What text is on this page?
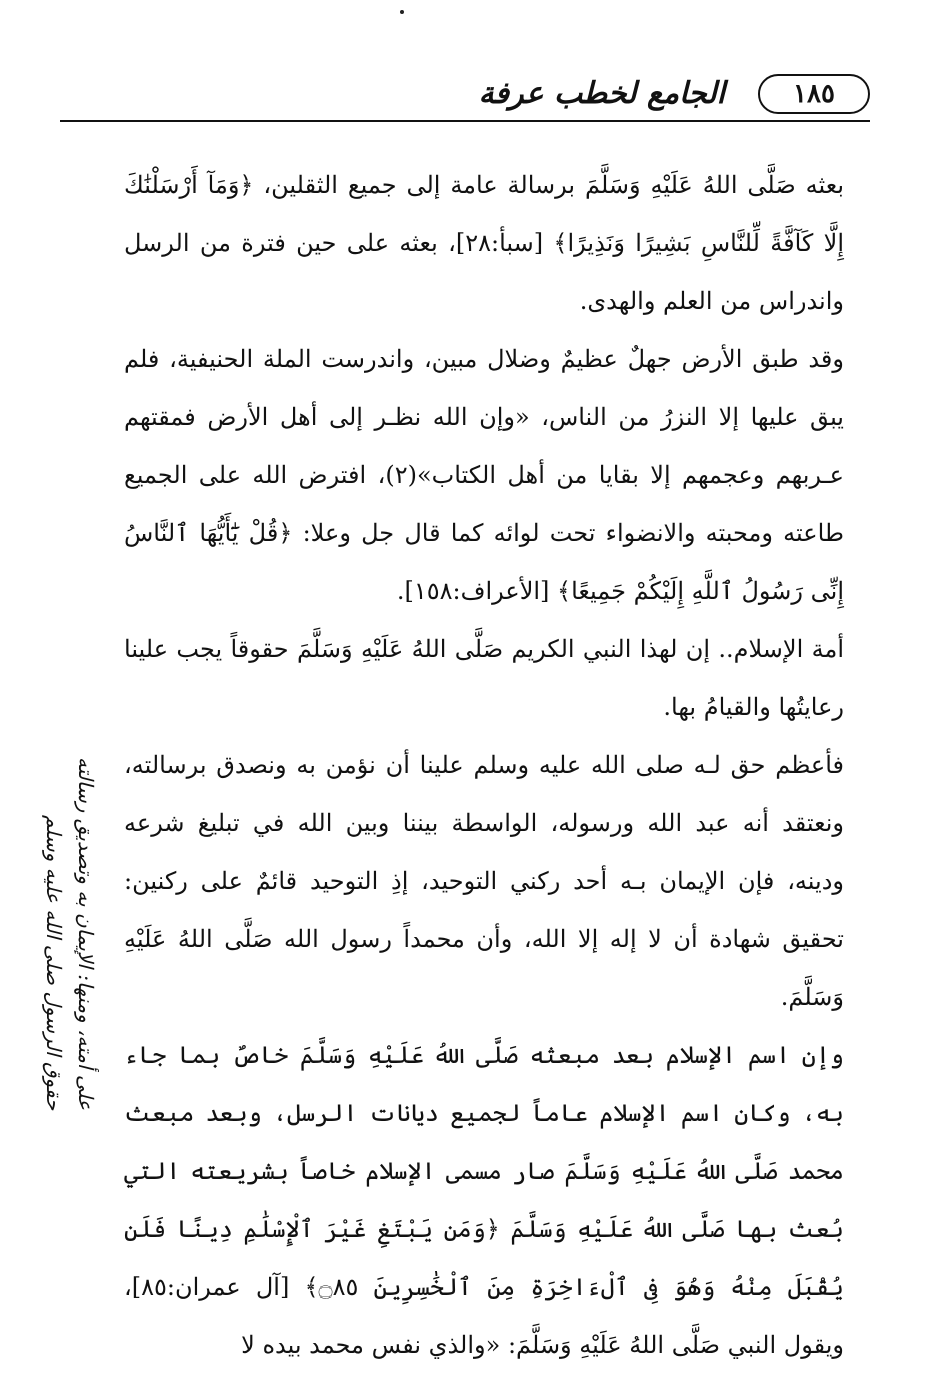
الجامع لخطب عرفة	١٨٥

بعثه صَلَّى اللهُ عَلَيْهِ وَسَلَّمَ برسالة عامة إلى جميع الثقلين، ﴿وَمَآ أَرْسَلْنَٰكَ إِلَّا كَآفَّةً لِّلنَّاسِ بَشِيرًا وَنَذِيرًا﴾ [سبأ:٢٨]، بعثه على حين فترة من الرسل واندراس من العلم والهدى.

وقد طبق الأرض جهلٌ عظيمٌ وضلال مبين، واندرست الملة الحنيفية، فلم يبق عليها إلا النزرُ من الناس، «وإن الله نظـر إلى أهل الأرض فمقتهم عـربهم وعجمهم إلا بقايا من أهل الكتاب»(٢)، افترض الله على الجميع طاعته ومحبته والانضواء تحت لوائه كما قال جل وعلا: ﴿قُلْ يَٰٓأَيُّهَا ٱلنَّاسُ إِنِّى رَسُولُ ٱللَّهِ إِلَيْكُمْ جَمِيعًا﴾ [الأعراف:١٥٨].

أمة الإسلام.. إن لهذا النبي الكريم صَلَّى اللهُ عَلَيْهِ وَسَلَّمَ حقوقاً يجب علينا رعايتُها والقيامُ بها.

فأعظم حق لـه صلى الله عليه وسلم علينا أن نؤمن به ونصدق برسالته، ونعتقد أنه عبد الله ورسوله، الواسطة بيننا وبين الله في تبليغ شرعه ودينه، فإن الإيمان بـه أحد ركني التوحيد، إذِ التوحيد قائمٌ على ركنين: تحقيق شهادة أن لا إله إلا الله، وأن محمداً رسول الله صَلَّى اللهُ عَلَيْهِ وَسَلَّمَ.

وإن اسم الإسلام بعد مبعثه صَلَّى اللهُ عَلَيْهِ وَسَلَّمَ خاصٌ بما جاء به، وكان اسم الإسلام عاماً لجميع ديانات الرسل، وبعد مبعث محمد صَلَّى اللهُ عَلَيْهِ وَسَلَّمَ صار مسمى الإسلام خاصاً بشريعته التي بُعث بها صَلَّى اللهُ عَلَيْهِ وَسَلَّمَ ﴿وَمَن يَبْتَغِ غَيْرَ ٱلْإِسْلَٰمِ دِينًا فَلَن يُقْبَلَ مِنْهُ وَهُوَ فِى ٱلْءَاخِرَةِ مِنَ ٱلْخَٰسِرِينَ ۝٨٥﴾ [آل عمران:٨٥]، ويقول النبي صَلَّى اللهُ عَلَيْهِ وَسَلَّمَ: «والذي نفس محمد بيده لا

حقوق الرسول صلى الله عليه وسلم على أمته، ومنها: الإيمان به وتصديق رسالته
